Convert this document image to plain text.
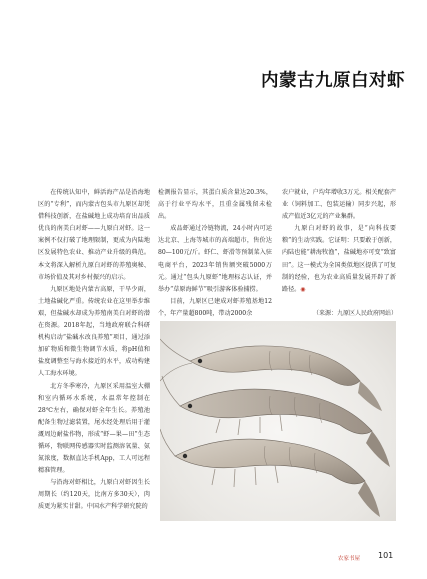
内蒙古九原白对虾

在传统认知中，鲜活海产品是沿海地区的“专利”，而内蒙古包头市九原区却凭借科技创新，在盐碱地上成功培育出品质优良的南美白对虾——九原白对虾。这一案例不仅打破了地理限制，更成为内陆地区发展特色农业、推动产业升级的典范。本文将深入解析九原白对虾的养殖奥秘、市场价值及其对乡村振兴的启示。

九原区地处内蒙古高原，干旱少雨，土地盐碱化严重。传统农业在这里举步维艰，但盐碱水却成为养殖南美白对虾的潜在资源。2018年起，当地政府联合科研机构启动“盐碱水改良养殖”项目，通过添加矿物质和微生物调节水质，将pH值和盐度调整至与海水接近的水平，成功构建人工海水环境。

北方冬季寒冷，九原区采用温室大棚和室内循环水系统，水温常年控制在28℃左右，确保对虾全年生长。养殖池配备生物过滤装置，尾水经处理后用于灌溉周边耐盐作物，形成“虾—果—田”生态循环，物联网传感器实时监测溶氧量、氨氮浓度，数据直达手机App，工人可远程精准管理。

与沿海对虾相比，九原白对虾因生长周期长（约120天，比南方多30天），肉质更为紧实甘甜。中国水产科学研究院的

检测报告显示，其蛋白质含量达20.3%，高于行业平均水平，且重金属残留未检出。

成品虾通过冷链物流，24小时内可运达北京、上海等城市的高端超市，售价达80—100元/斤。虾仁、虾滑等预制菜入驻电商平台，2023年销售额突破5000万元。通过“包头九原虾”地理标志认证，并举办“草原海鲜节”吸引游客体验捕捞。

目前，九原区已建成对虾养殖基地12个，年产量超800吨，带动2000余

农户就业，户均年增收3万元。相关配套产业（饲料加工、包装运输）同步兴起，形成产值近3亿元的产业集群。

九原白对虾的故事，是“向科技要粮”的生动实践。它证明：只要敢于创新，内陆也能“耕海牧渔”，盐碱地亦可变“致富田”。这一模式为全国类似地区提供了可复制的经验，也为农业高质量发展开辟了新路径。◉

（来源：九原区人民政府网站）
农家书屋 101
